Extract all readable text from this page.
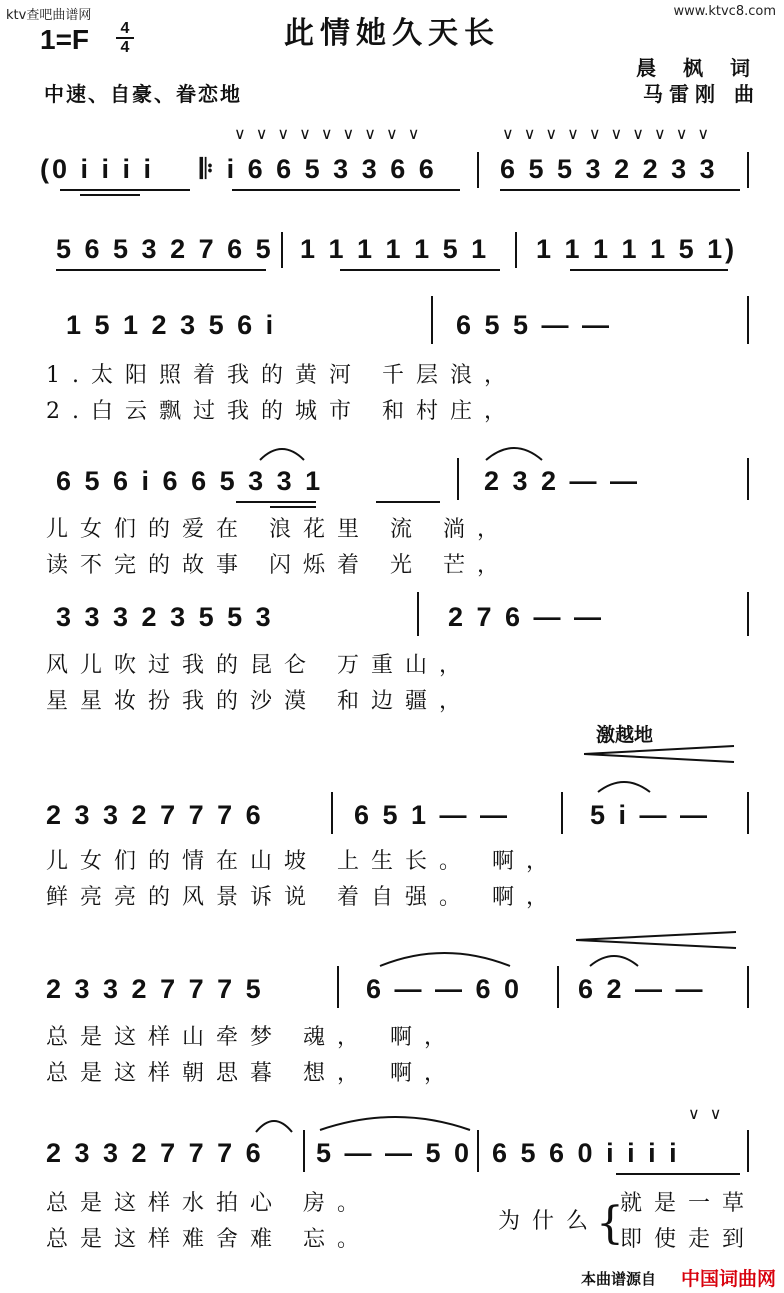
ktv查吧曲谱网	www.ktvc8.com
1=F	4
4	此情她久天长
晨 枫 词
马雷刚 曲
中速、自豪、眷恋地
∨∨∨∨∨∨∨∨∨	∨∨∨∨∨∨∨∨∨∨
(0 i i i i 𝄆 i 6 6 5 3 3 6 6 6 5 5 3 2 2 3 3
5 6 5 3 2 7 6 5 1 1 1 1 1 5 1 1 1 1 1 1 5 1)
1 5 1 2 3 5 6 i	6 5 5 — —
1.太阳照着我的黄河 千层浪，
2.白云飘过我的城市 和村庄，
6 5 6 i 6 6 5 3 3 1	2 3 2 — —
儿女们的爱在 浪花里 流 淌，
读不完的故事 闪烁着 光 芒，
3 3 3 2 3 5 5 3	2 7 6 — —
风儿吹过我的昆仑 万重山，
星星妆扮我的沙漠 和边疆，
激越地
2 3 3 2 7 7 7 6	6 5 1 — —	5 i — —
儿女们的情在山坡 上生长。 啊，
鲜亮亮的风景诉说 着自强。 啊，
2 3 3 2 7 7 7 5	6 — — 6 0 6 2 — —
总是这样山牵梦 魂， 啊，
总是这样朝思暮 想， 啊，
2 3 3 2 7 7 7 6 5 — — 5 0 6 5 6 0 i i i i
∨∨
总是这样水拍心 房。
总是这样难舍难 忘。
为什么
{
就是一草
即使走到
本曲谱源自 中国词曲网
